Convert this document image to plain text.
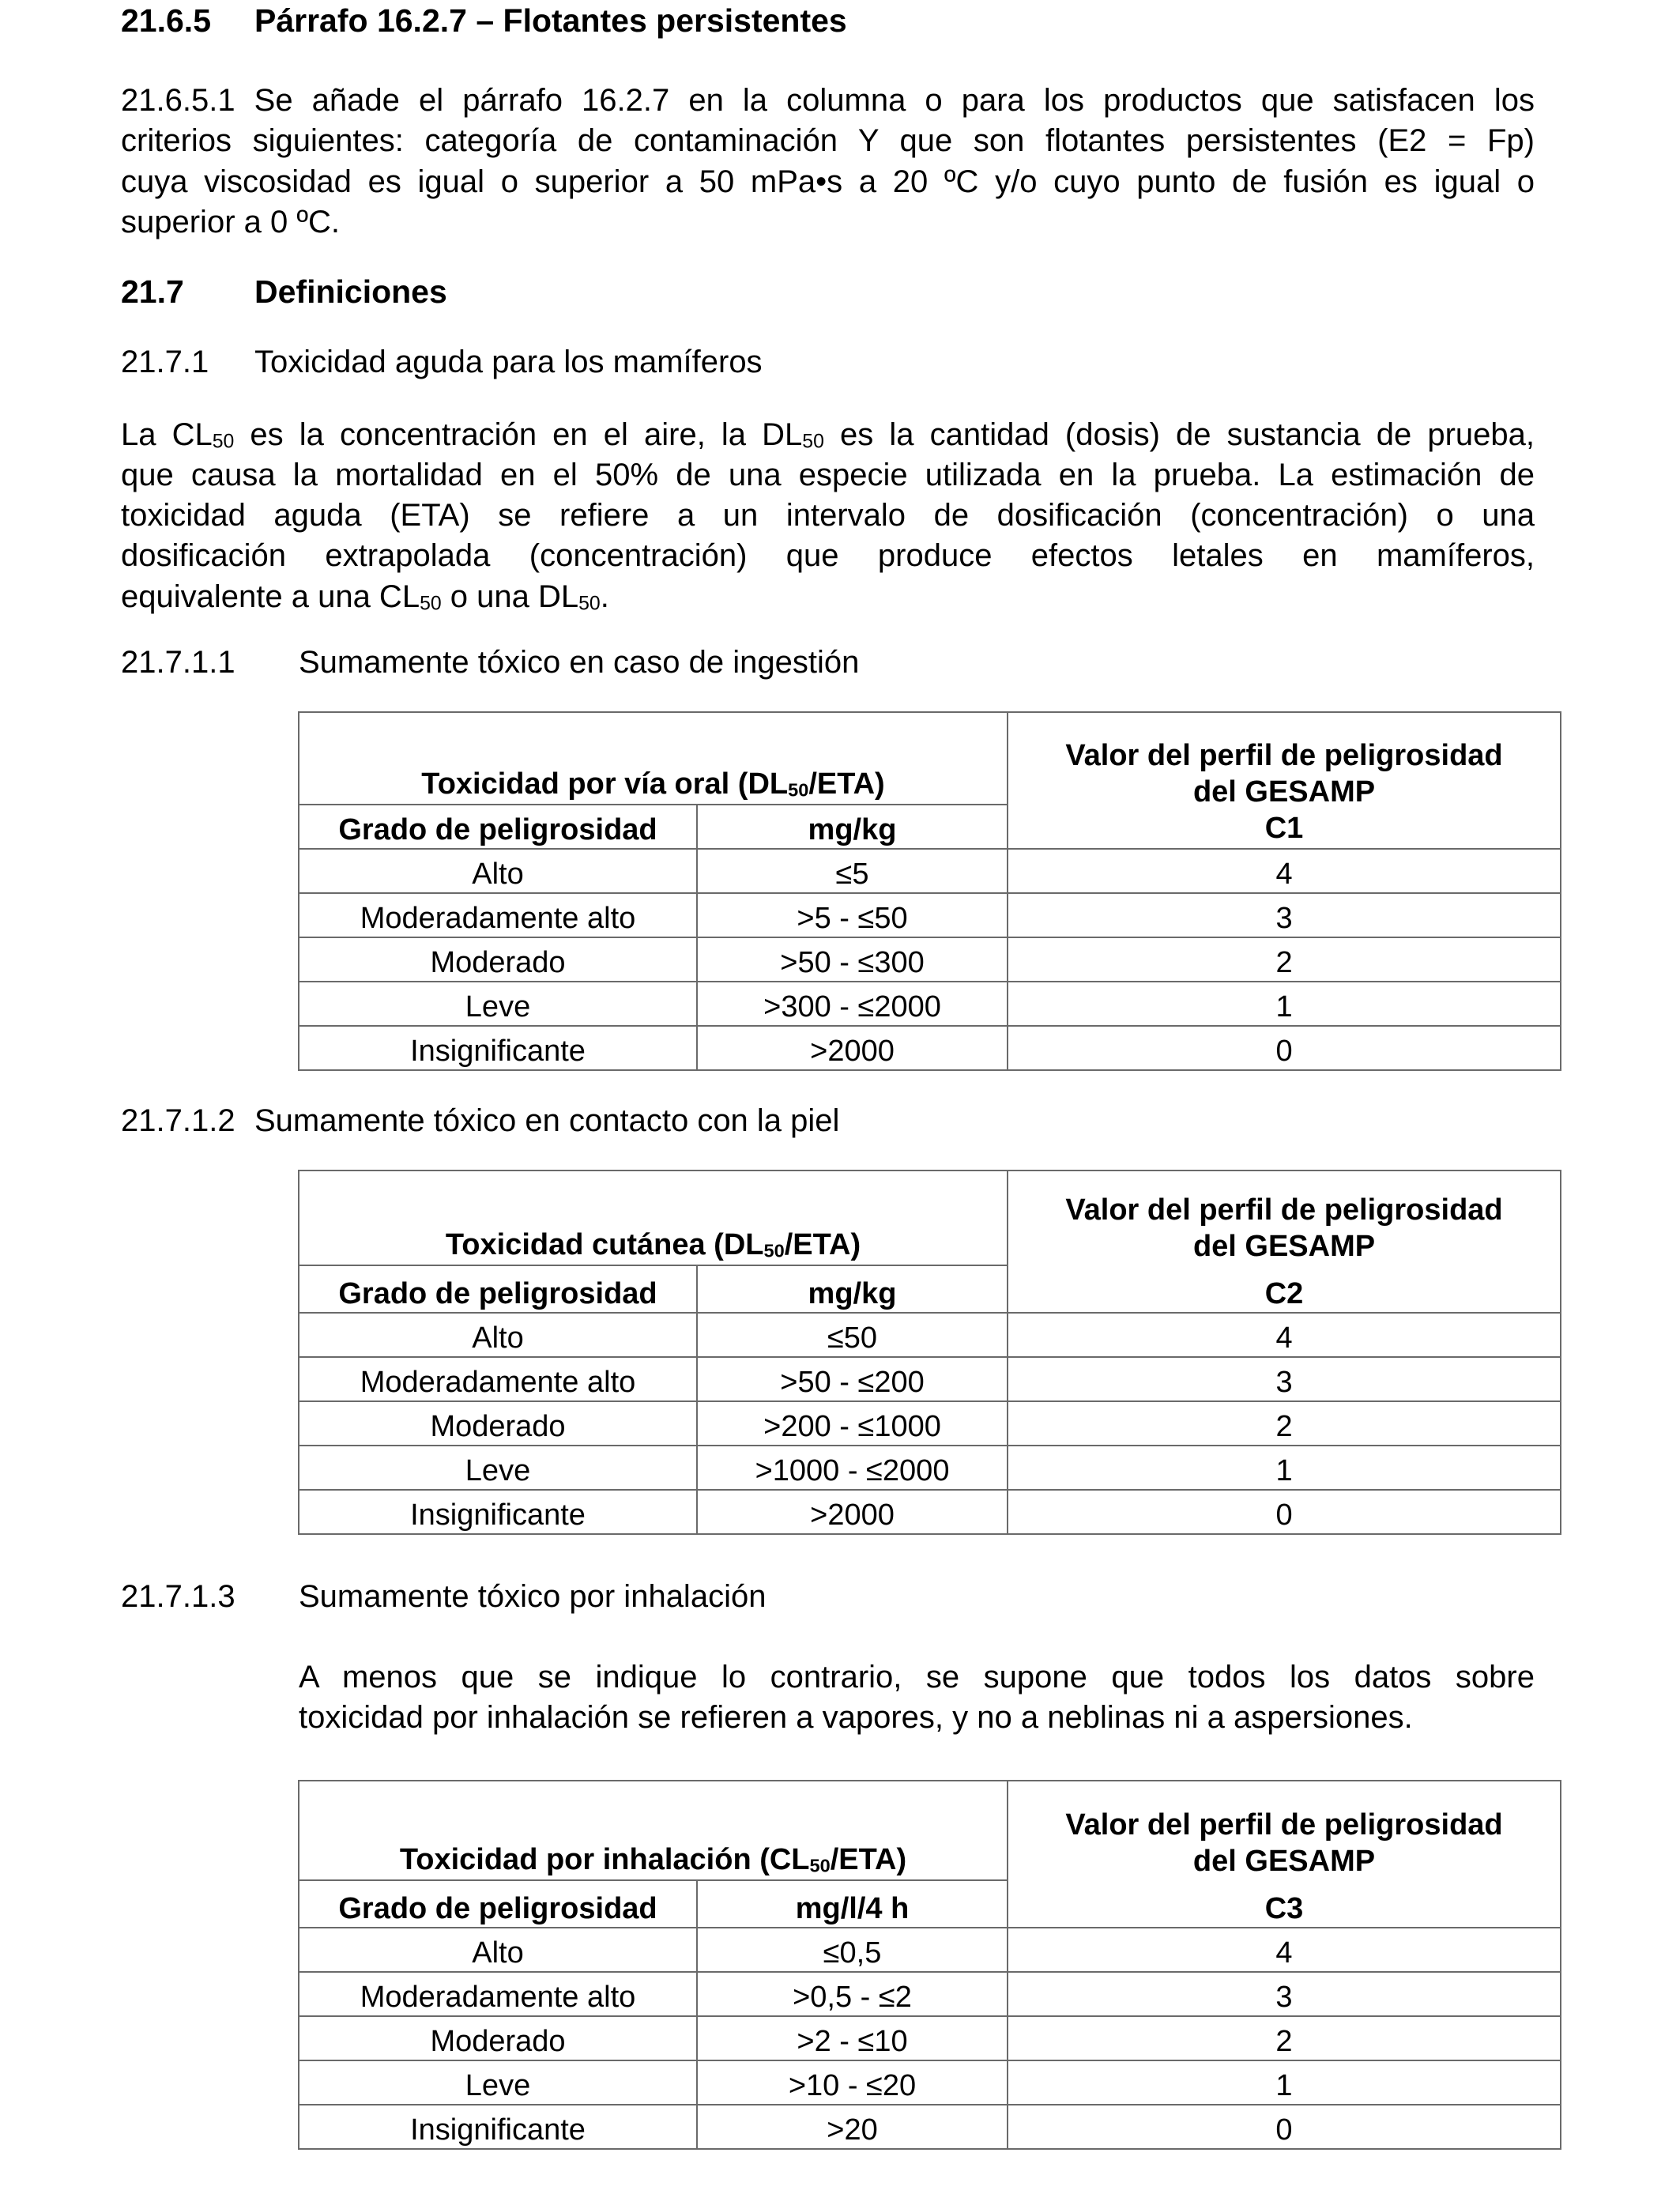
21.6.5 Párrafo 16.2.7 – Flotantes persistentes

21.6.5.1 Se añade el párrafo 16.2.7 en la columna o para los productos que satisfacen los

criterios siguientes: categoría de contaminación Y que son flotantes persistentes (E2 = Fp)

cuya viscosidad es igual o superior a 50 mPa•s a 20 ºC y/o cuyo punto de fusión es igual o

superior a 0 ºC.

21.7 Definiciones

21.7.1 Toxicidad aguda para los mamíferos

La $CL_{50}$ es la concentración en el aire, la $DL_{50}$ es la cantidad (dosis) de sustancia de prueba,

que causa la mortalidad en el 50% de una especie utilizada en la prueba. La estimación de

toxicidad aguda (ETA) se refiere a un intervalo de dosificación (concentración) o una

dosificación extrapolada (concentración) que produce efectos letales en mamíferos,

equivalente a una $CL_{50}$ o una $DL_{50}$.

21.7.1.1 Sumamente tóxico en caso de ingestión

Toxicidad por vía oral $(DL_{50}/ETA)$		Valor del perfil de peligrosidad
del GESAMP
C1

Grado de peligrosidad	mg/kg	
Alto	≤5	4
Moderadamente alto	>5 - ≤50	3
Moderado	>50 - ≤300	2
Leve	>300 - ≤2000	1
Insignificante	>2000	0

21.7.1.2 Sumamente tóxico en contacto con la piel

Toxicidad cutánea $(DL_{50}/ETA)$		Valor del perfil de peligrosidad
del GESAMP
C2

Grado de peligrosidad	mg/kg	
Alto	≤50	4
Moderadamente alto	>50 - ≤200	3
Moderado	>200 - ≤1000	2
Leve	>1000 - ≤2000	1
Insignificante	>2000	0

21.7.1.3 Sumamente tóxico por inhalación

A menos que se indique lo contrario, se supone que todos los datos sobre

toxicidad por inhalación se refieren a vapores, y no a neblinas ni a aspersiones.

Toxicidad por inhalación $(CL_{50}/ETA)$		Valor del perfil de peligrosidad
del GESAMP
C3

Grado de peligrosidad	mg/l/4 h	
Alto	≤0,5	4
Moderadamente alto	>0,5 - ≤2	3
Moderado	>2 - ≤10	2
Leve	>10 - ≤20	1
Insignificante	>20	0
